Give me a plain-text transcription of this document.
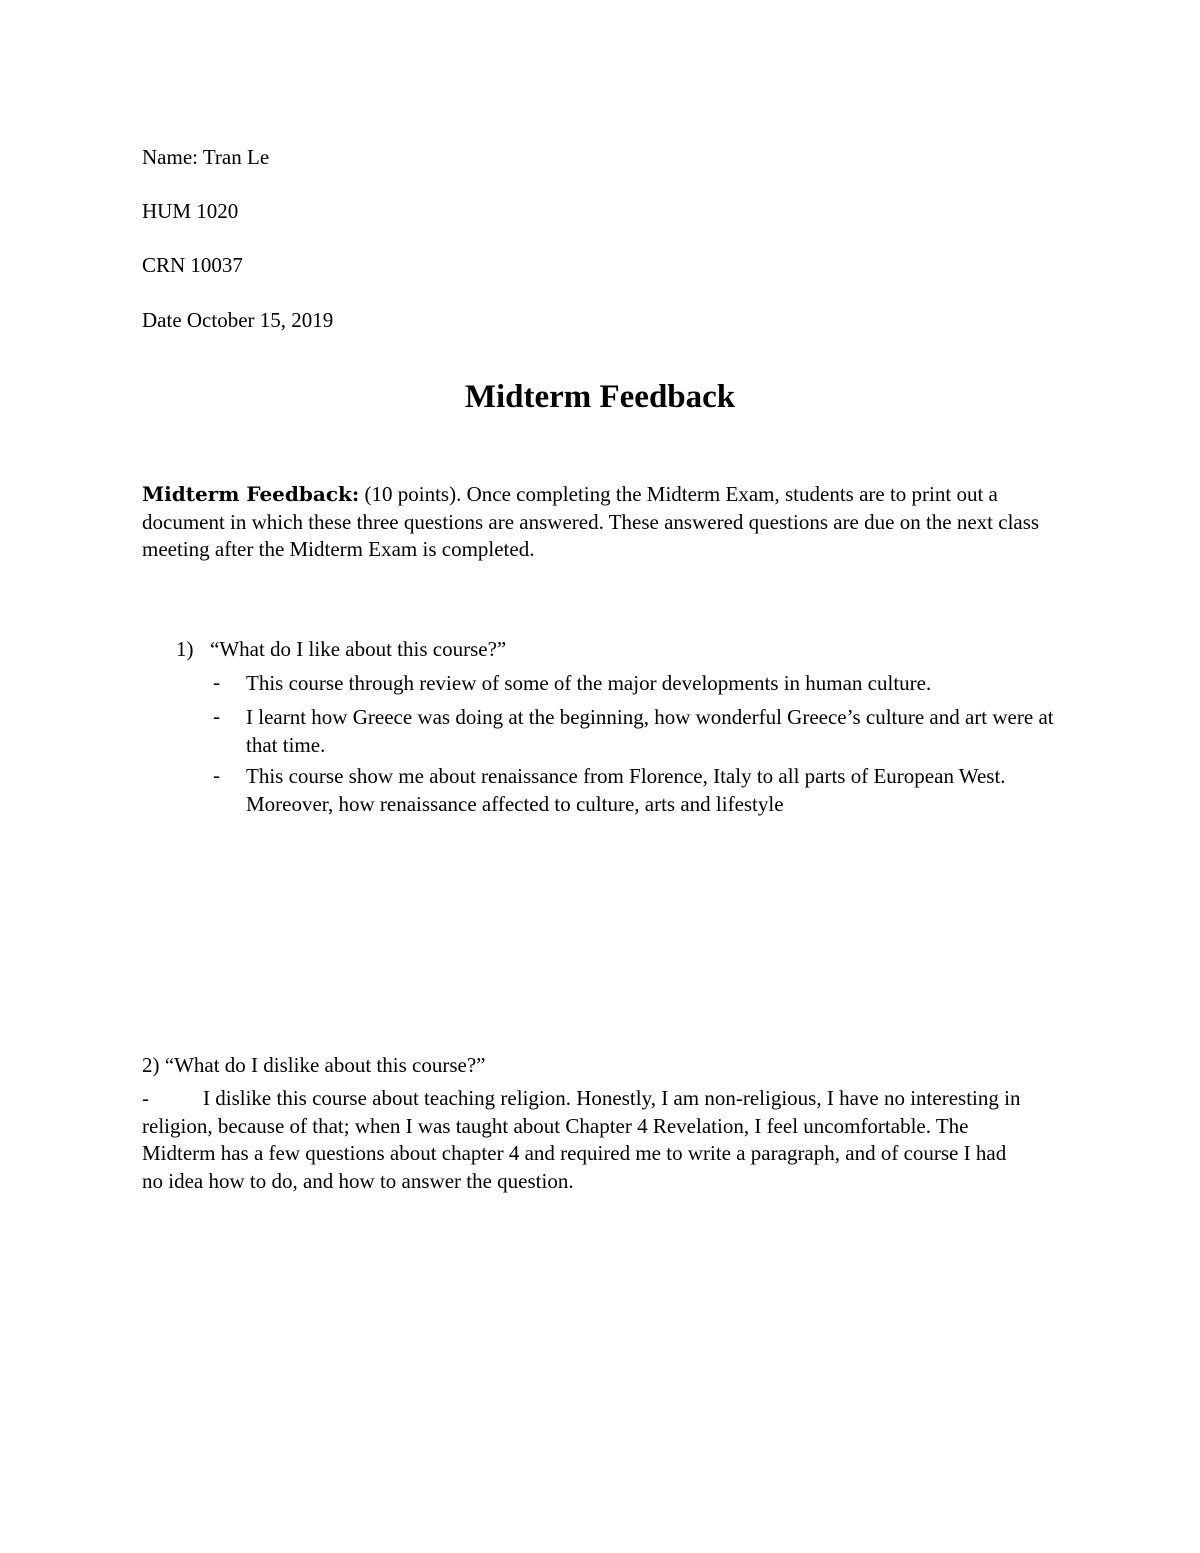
Name: Tran Le
HUM 1020
CRN 10037
Date October 15, 2019
Midterm Feedback
Midterm Feedback: (10 points). Once completing the Midterm Exam, students are to print out a document in which these three questions are answered. These answered questions are due on the next class meeting after the Midterm Exam is completed.
1) “What do I like about this course?”
- This course through review of some of the major developments in human culture.
- I learnt how Greece was doing at the beginning, how wonderful Greece’s culture and art were at that time.
- This course show me about renaissance from Florence, Italy to all parts of European West. Moreover, how renaissance affected to culture, arts and lifestyle
2) “What do I dislike about this course?”
-	I dislike this course about teaching religion. Honestly, I am non-religious, I have no interesting in religion, because of that; when I was taught about Chapter 4 Revelation, I feel uncomfortable. The Midterm has a few questions about chapter 4 and required me to write a paragraph, and of course I had no idea how to do, and how to answer the question.
